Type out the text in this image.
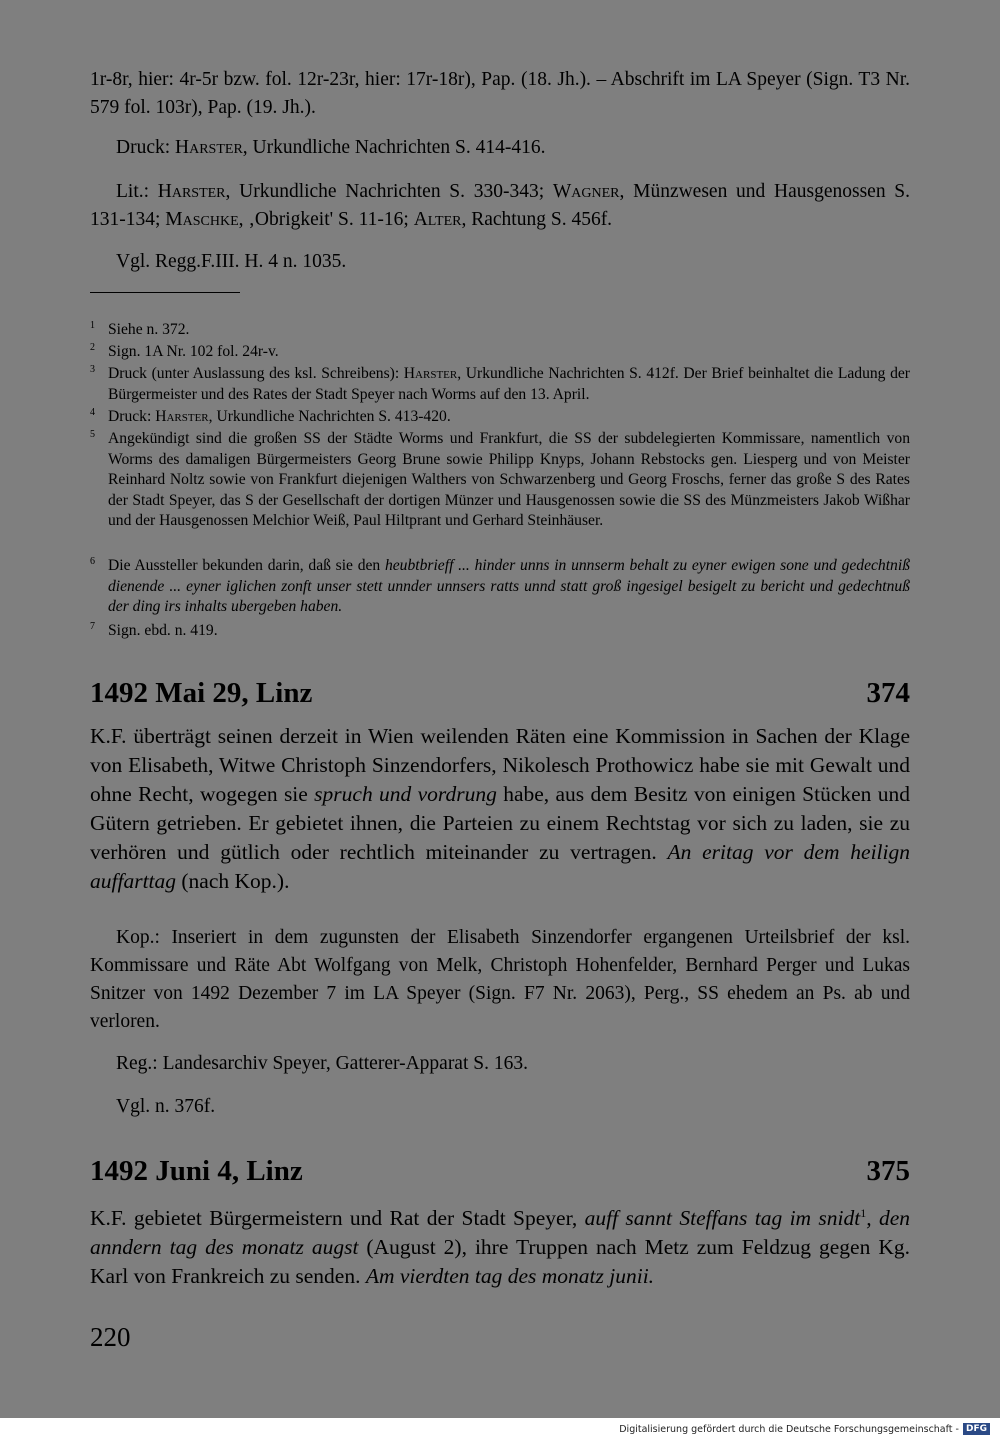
1r-8r, hier: 4r-5r bzw. fol. 12r-23r, hier: 17r-18r), Pap. (18. Jh.). – Abschrift im LA Speyer (Sign. T3 Nr. 579 fol. 103r), Pap. (19. Jh.).

Druck: Harster, Urkundliche Nachrichten S. 414-416.

Lit.: Harster, Urkundliche Nachrichten S. 330-343; Wagner, Münzwesen und Hausgenossen S. 131-134; Maschke, ‚Obrigkeit' S. 11-16; Alter, Rachtung S. 456f.

Vgl. Regg.F.III. H. 4 n. 1035.

1 Siehe n. 372.
2 Sign. 1A Nr. 102 fol. 24r-v.
3 Druck (unter Auslassung des ksl. Schreibens): Harster, Urkundliche Nachrichten S. 412f. Der Brief beinhaltet die Ladung der Bürgermeister und des Rates der Stadt Speyer nach Worms auf den 13. April.
4 Druck: Harster, Urkundliche Nachrichten S. 413-420.
5 Angekündigt sind die großen SS der Städte Worms und Frankfurt, die SS der subdelegierten Kommissare, namentlich von Worms des damaligen Bürgermeisters Georg Brune sowie Philipp Knyps, Johann Rebstocks gen. Liesperg und von Meister Reinhard Noltz sowie von Frankfurt diejenigen Walthers von Schwarzenberg und Georg Froschs, ferner das große S des Rates der Stadt Speyer, das S der Gesellschaft der dortigen Münzer und Hausgenossen sowie die SS des Münzmeisters Jakob Wißhar und der Hausgenossen Melchior Weiß, Paul Hiltprant und Gerhard Steinhäuser.
6 Die Aussteller bekunden darin, daß sie den heubtbrieff ... hinder unns in unnserm behalt zu eyner ewigen sone und gedechtniß dienende ... eyner iglichen zonft unser stett unnder unnsers ratts unnd statt groß ingesigel besigelt zu bericht und gedechtnuß der ding irs inhalts ubergeben haben.
7 Sign. ebd. n. 419.
1492 Mai 29, Linz	374

K.F. überträgt seinen derzeit in Wien weilenden Räten eine Kommission in Sachen der Klage von Elisabeth, Witwe Christoph Sinzendorfers, Nikolesch Prothowicz habe sie mit Gewalt und ohne Recht, wogegen sie spruch und vordrung habe, aus dem Besitz von einigen Stücken und Gütern getrieben. Er gebietet ihnen, die Parteien zu einem Rechtstag vor sich zu laden, sie zu verhören und gütlich oder rechtlich miteinander zu vertragen. An eritag vor dem heilign auffarttag (nach Kop.).

Kop.: Inseriert in dem zugunsten der Elisabeth Sinzendorfer ergangenen Urteilsbrief der ksl. Kommissare und Räte Abt Wolfgang von Melk, Christoph Hohenfelder, Bernhard Perger und Lukas Snitzer von 1492 Dezember 7 im LA Speyer (Sign. F7 Nr. 2063), Perg., SS ehedem an Ps. ab und verloren.

Reg.: Landesarchiv Speyer, Gatterer-Apparat S. 163.

Vgl. n. 376f.

1492 Juni 4, Linz	375

K.F. gebietet Bürgermeistern und Rat der Stadt Speyer, auff sannt Steffans tag im snidt$^1$, den anndern tag des monatz augst (August 2), ihre Truppen nach Metz zum Feldzug gegen Kg. Karl von Frankreich zu senden. Am vierdten tag des monatz junii.

220
Digitalisierung gefördert durch die Deutsche Forschungsgemeinschaft - DFG
